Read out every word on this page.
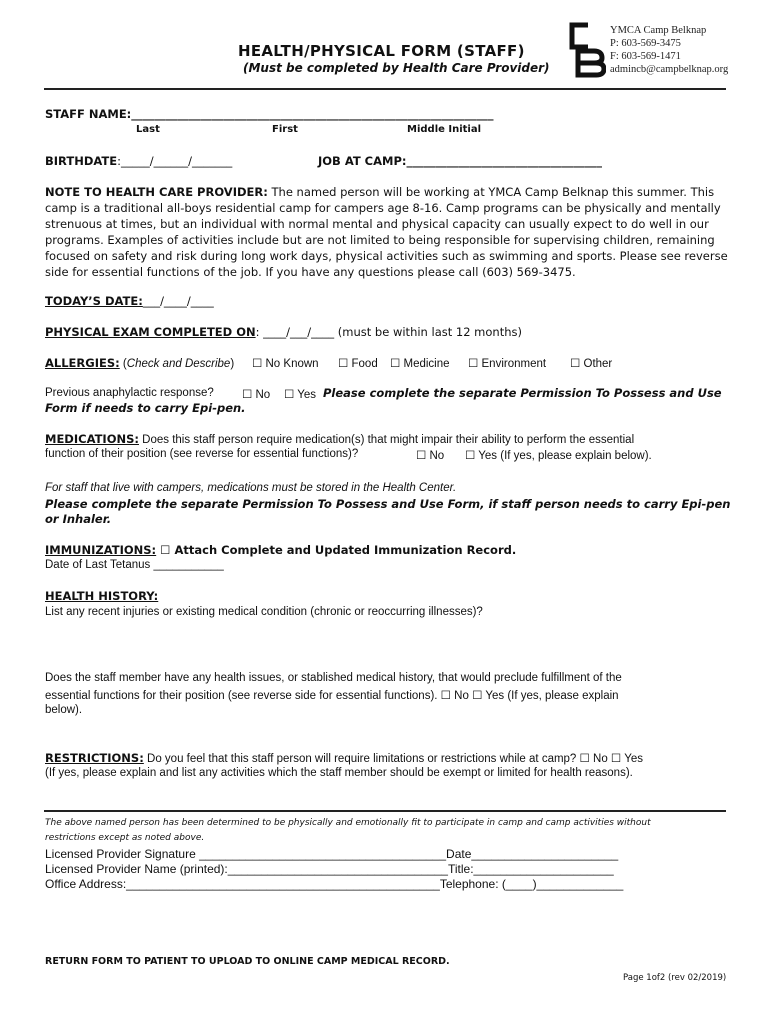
HEALTH/PHYSICAL FORM (STAFF)
(Must be completed by Health Care Provider)
YMCA Camp Belknap
P: 603-569-3475
F: 603-569-1471
admincb@campbelknap.org
STAFF NAME:_______________________________________________________________
Last	First	Middle Initial
BIRTHDATE:_____/______/_______	JOB AT CAMP:__________________________________
NOTE TO HEALTH CARE PROVIDER: The named person will be working at YMCA Camp Belknap this summer. This
camp is a traditional all-boys residential camp for campers age 8-16. Camp programs can be physically and mentally
strenuous at times, but an individual with normal mental and physical capacity can usually expect to do well in our
programs. Examples of activities include but are not limited to being responsible for supervising children, remaining
focused on safety and risk during long work days, physical activities such as swimming and sports. Please see reverse
side for essential functions of the job. If you have any questions please call (603) 569-3475.
TODAY’S DATE:___/____/____
PHYSICAL EXAM COMPLETED ON: ____/___/____ (must be within last 12 months)
ALLERGIES: (Check and Describe) ☐ No Known ☐ Food ☐ Medicine ☐ Environment ☐ Other
Previous anaphylactic response? ☐ No ☐ Yes Please complete the separate Permission To Possess and Use
Form if needs to carry Epi-pen.
MEDICATIONS: Does this staff person require medication(s) that might impair their ability to perform the essential
function of their position (see reverse for essential functions)?	☐ No ☐ Yes (If yes, please explain below).
For staff that live with campers, medications must be stored in the Health Center.
Please complete the separate Permission To Possess and Use Form, if staff person needs to carry Epi-pen
or Inhaler.
IMMUNIZATIONS: ☐ Attach Complete and Updated Immunization Record.
Date of Last Tetanus ___________
HEALTH HISTORY:
List any recent injuries or existing medical condition (chronic or reoccurring illnesses)?
Does the staff member have any health issues, or stablished medical history, that would preclude fulfillment of the
essential functions for their position (see reverse side for essential functions). ☐ No ☐ Yes (If yes, please explain
below).
RESTRICTIONS: Do you feel that this staff person will require limitations or restrictions while at camp? ☐ No ☐ Yes
(If yes, please explain and list any activities which the staff member should be exempt or limited for health reasons).
The above named person has been determined to be physically and emotionally fit to participate in camp and camp activities without
restrictions except as noted above.
Licensed Provider Signature _____________________________________Date______________________
Licensed Provider Name (printed):_________________________________Title:_____________________
Office Address:_______________________________________________Telephone: (____)_____________
RETURN FORM TO PATIENT TO UPLOAD TO ONLINE CAMP MEDICAL RECORD.
Page 1of2 (rev 02/2019)
